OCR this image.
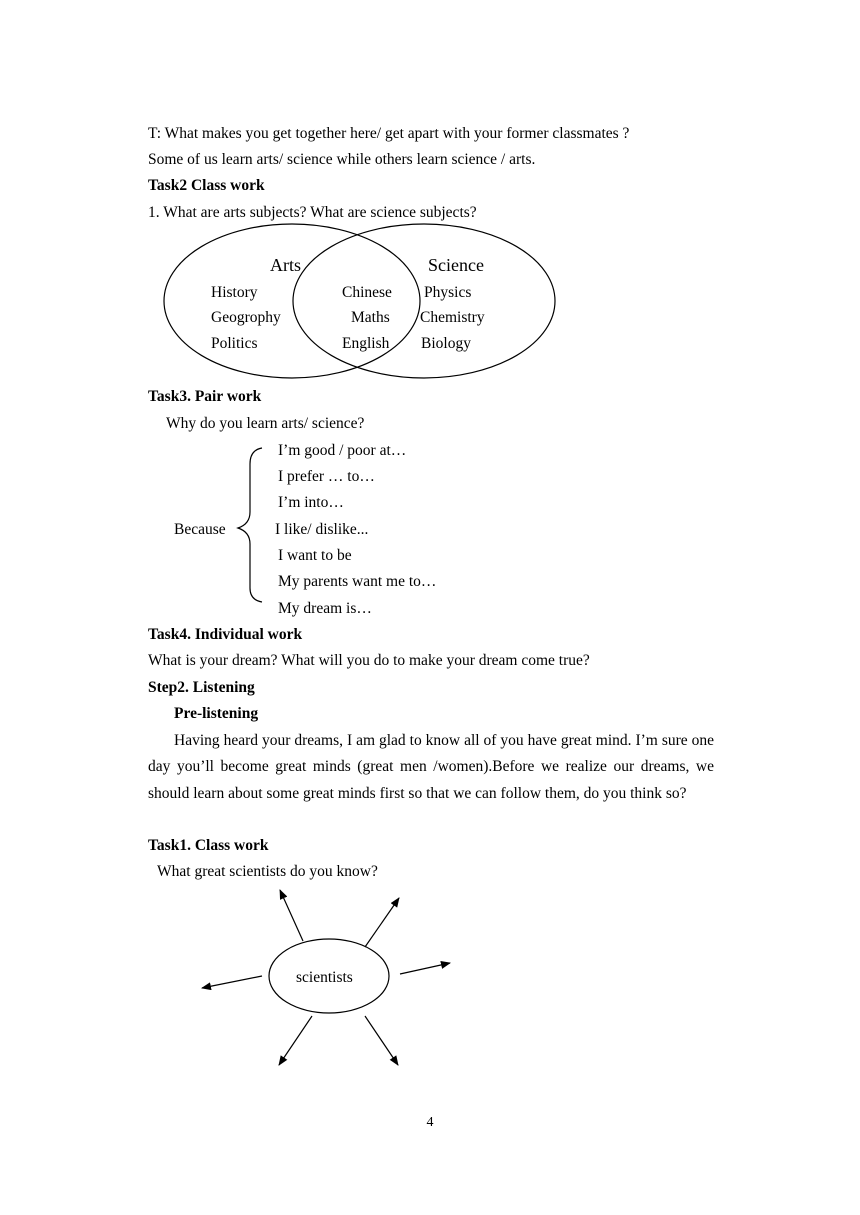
T: What makes you get together here/ get apart with your former classmates ?
Some of us learn arts/ science while others learn science / arts.
Task2 Class work
1. What are arts subjects? What are science subjects?
Arts	Science
History
Geogrophy
Politics
Chinese
Maths
English
Physics
Chemistry
Biology
Task3. Pair work
Why do you learn arts/ science?
Because
I’m good / poor at…
I prefer … to…
I’m into…
I like/ dislike...
I want to be
My parents want me to…
My dream is…
Task4. Individual work
What is your dream? What will you do to make your dream come true?
Step2. Listening
Pre-listening
Having heard your dreams, I am glad to know all of you have great mind. I’m sure one day you’ll become great minds (great men /women).Before we realize our dreams, we should learn about some great minds first so that we can follow them, do you think so?
Task1. Class work
What great scientists do you know?
scientists
4
